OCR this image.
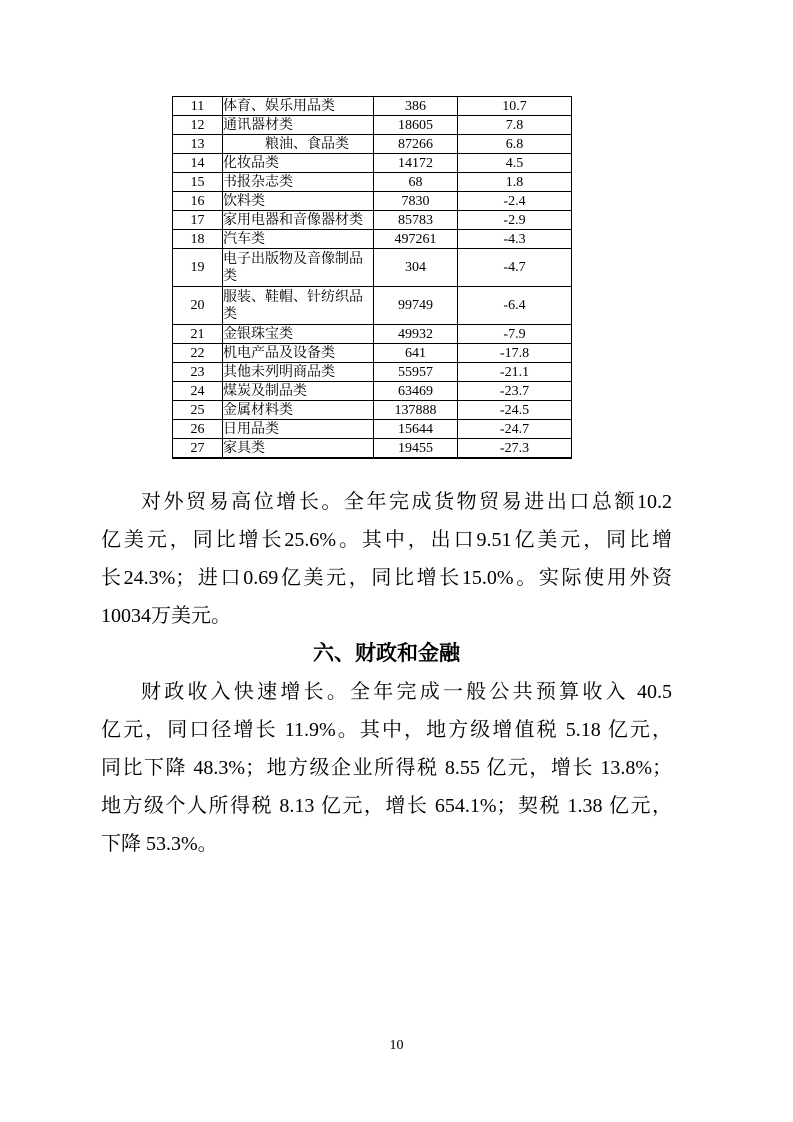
11	体育、娱乐用品类	386	10.7
12	通讯器材类	18605	7.8
13	　　　粮油、食品类	87266	6.8
14	化妆品类	14172	4.5
15	书报杂志类	68	1.8
16	饮料类	7830	-2.4
17	家用电器和音像器材类	85783	-2.9
18	汽车类	497261	-4.3
19	电子出版物及音像制品类	304	-4.7
20	服装、鞋帽、针纺织品类	99749	-6.4
21	金银珠宝类	49932	-7.9
22	机电产品及设备类	641	-17.8
23	其他未列明商品类	55957	-21.1
24	煤炭及制品类	63469	-23.7
25	金属材料类	137888	-24.5
26	日用品类	15644	-24.7
27	家具类	19455	-27.3
对外贸易高位增长。全年完成货物贸易进出口总额10.2
亿美元，同比增长25.6%。其中，出口9.51亿美元，同比增
长24.3%；进口0.69亿美元，同比增长15.0%。实际使用外资
10034万美元。
六、财政和金融
财政收入快速增长。全年完成一般公共预算收入 40.5
亿元，同口径增长 11.9%。其中，地方级增值税 5.18 亿元，
同比下降 48.3%；地方级企业所得税 8.55 亿元，增长 13.8%；
地方级个人所得税 8.13 亿元，增长 654.1%；契税 1.38 亿元，
下降 53.3%。
10
